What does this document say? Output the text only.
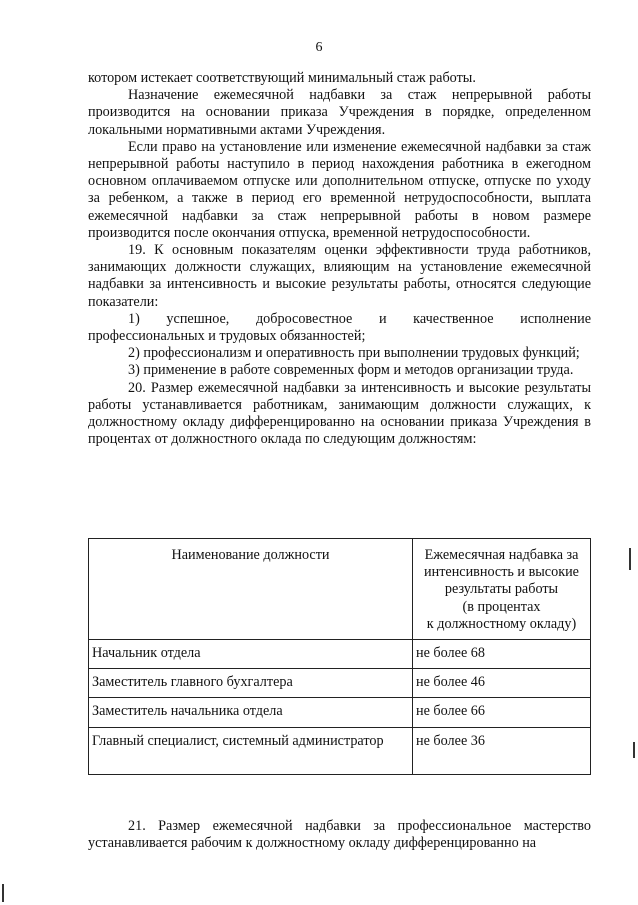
6

котором истекает соответствующий минимальный стаж работы.

Назначение ежемесячной надбавки за стаж непрерывной работы производится на основании приказа Учреждения в порядке, определенном локальными нормативными актами Учреждения.

Если право на установление или изменение ежемесячной надбавки за стаж непрерывной работы наступило в период нахождения работника в ежегодном основном оплачиваемом отпуске или дополнительном отпуске, отпуске по уходу за ребенком, а также в период его временной нетрудоспособности, выплата ежемесячной надбавки за стаж непрерывной работы в новом размере производится после окончания отпуска, временной нетрудоспособности.

19. К основным показателям оценки эффективности труда работников, занимающих должности служащих, влияющим на установление ежемесячной надбавки за интенсивность и высокие результаты работы, относятся следующие показатели:

1) успешное, добросовестное и качественное исполнение профессиональных и трудовых обязанностей;

2) профессионализм и оперативность при выполнении трудовых функций;

3) применение в работе современных форм и методов организации труда.

20. Размер ежемесячной надбавки за интенсивность и высокие результаты работы устанавливается работникам, занимающим должности служащих, к должностному окладу дифференцированно на основании приказа Учреждения в процентах от должностного оклада по следующим должностям:

Наименование должности	Ежемесячная надбавка за
интенсивность и высокие
результаты работы
(в процентах
к должностному окладу)
Начальник отдела	не более 68
Заместитель главного бухгалтера	не более 46
Заместитель начальника отдела	не более 66
Главный специалист, системный администратор	не более 36

21. Размер ежемесячной надбавки за профессиональное мастерство устанавливается рабочим к должностному окладу дифференцированно на
